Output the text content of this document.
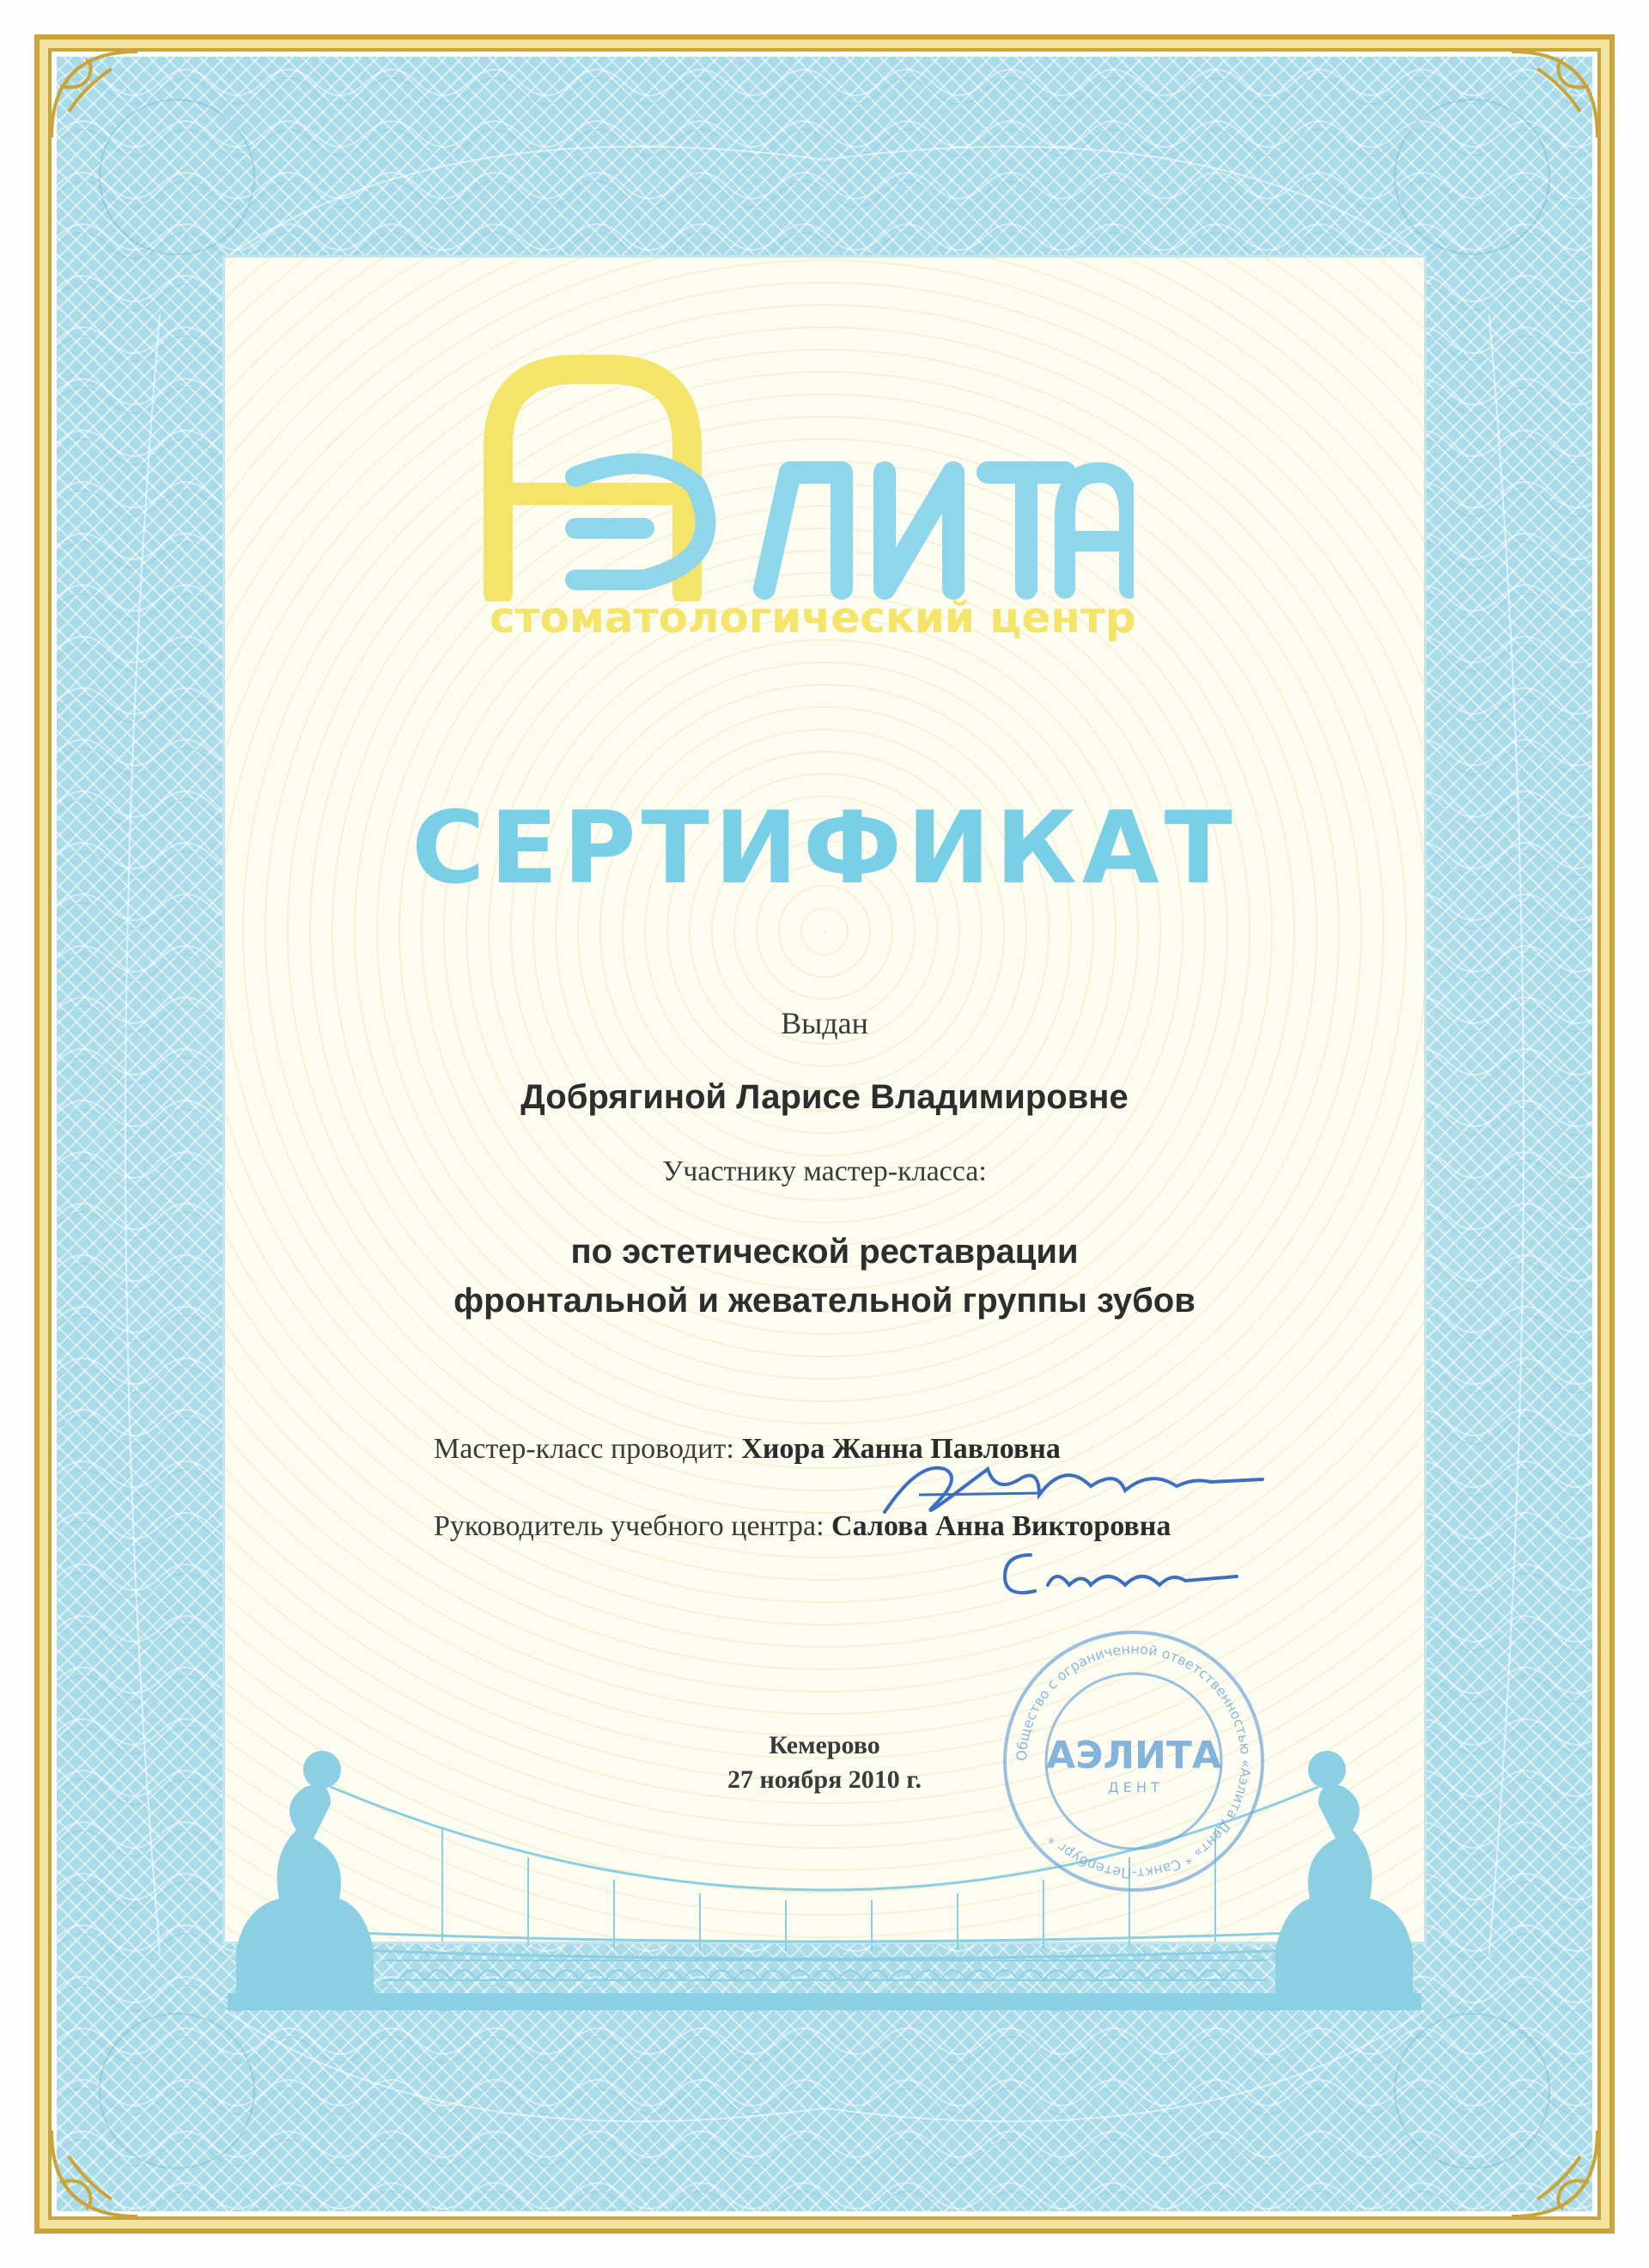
стоматологический центр
СЕРТИФИКАТ
Выдан
Добрягиной Ларисе Владимировне
Участнику мастер-класса:
по эстетической реставрации
фронтальной и жевательной группы зубов
Мастер-класс проводит: Хиора Жанна Павловна
Руководитель учебного центра: Салова Анна Викторовна
Кемерово
27 ноября 2010 г.
Общество с ограниченной ответственностью «Аэлита Дент» * Санкт-Петербург *
АЭЛИТА
Д Е Н Т
